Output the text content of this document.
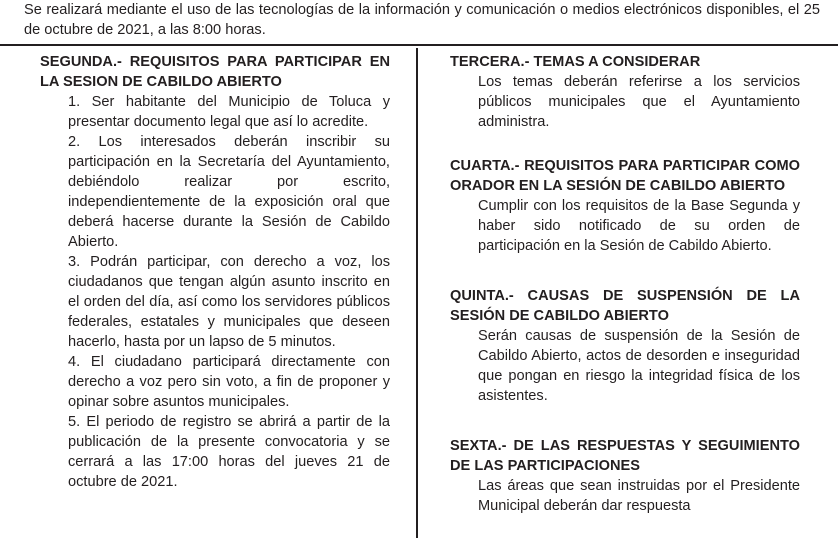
Se realizará mediante el uso de las tecnologías de la información y comunicación o medios electrónicos disponibles, el 25 de octubre de 2021, a las 8:00 horas.

SEGUNDA.- REQUISITOS PARA PARTICIPAR EN LA SESION DE CABILDO ABIERTO

1. Ser habitante del Municipio de Toluca y presentar documento legal que así lo acredite.

2. Los interesados deberán inscribir su participación en la Secretaría del Ayuntamiento, debiéndolo realizar por escrito, independientemente de la exposición oral que deberá hacerse durante la Sesión de Cabildo Abierto.

3. Podrán participar, con derecho a voz, los ciudadanos que tengan algún asunto inscrito en el orden del día, así como los servidores públicos federales, estatales y municipales que deseen hacerlo, hasta por un lapso de 5 minutos.

4. El ciudadano participará directamente con derecho a voz pero sin voto, a fin de proponer y opinar sobre asuntos municipales.

5. El periodo de registro se abrirá a partir de la publicación de la presente convocatoria y se cerrará a las 17:00 horas del jueves 21 de octubre de 2021.

TERCERA.- TEMAS A CONSIDERAR

Los temas deberán referirse a los servicios públicos municipales que el Ayuntamiento administra.

CUARTA.- REQUISITOS PARA PARTICIPAR COMO ORADOR EN LA SESIÓN DE CABILDO ABIERTO

Cumplir con los requisitos de la Base Segunda y haber sido notificado de su orden de participación en la Sesión de Cabildo Abierto.

QUINTA.- CAUSAS DE SUSPENSIÓN DE LA SESIÓN DE CABILDO ABIERTO

Serán causas de suspensión de la Sesión de Cabildo Abierto, actos de desorden e inseguridad que pongan en riesgo la integridad física de los asistentes.

SEXTA.- DE LAS RESPUESTAS Y SEGUIMIENTO DE LAS PARTICIPACIONES

Las áreas que sean instruidas por el Presidente Municipal deberán dar respuesta
